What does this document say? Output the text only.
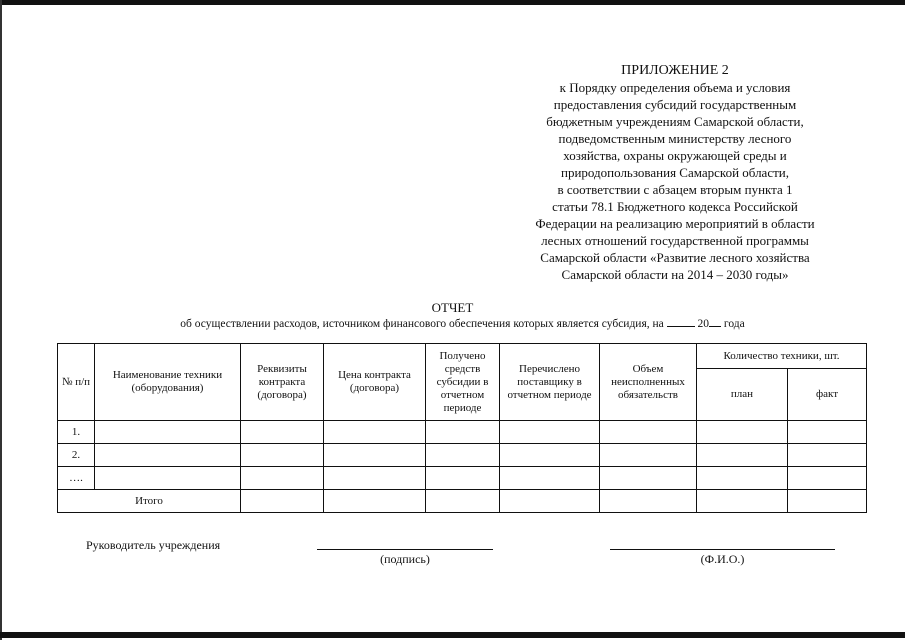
ПРИЛОЖЕНИЕ 2
к Порядку определения объема и условия
предоставления субсидий государственным
бюджетным учреждениям Самарской области,
подведомственным министерству лесного
хозяйства, охраны окружающей среды и
природопользования Самарской области,
в соответствии с абзацем вторым пункта 1
статьи 78.1 Бюджетного кодекса Российской
Федерации на реализацию мероприятий в области
лесных отношений государственной программы
Самарской области «Развитие лесного хозяйства
Самарской области на 2014 – 2030 годы»
ОТЧЕТ
об осуществлении расходов, источником финансового обеспечения которых является субсидия, на	20 года
№ п/п	Наименование техники (оборудования)	Реквизиты контракта (договора)	Цена контракта (договора)	Получено средств субсидии в отчетном периоде	Перечислено поставщику в отчетном периоде	Объем неисполненных обязательств	Количество техники, шт.	
							план	факт
1.								
2.								
….								
Итого								
Руководитель учреждения
(подпись)	(Ф.И.О.)
